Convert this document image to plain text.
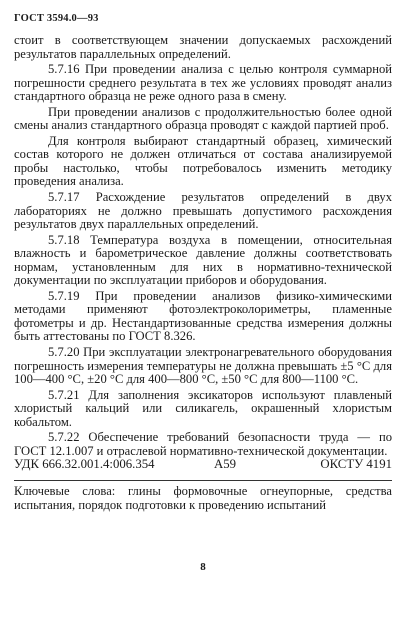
ГОСТ 3594.0—93

стоит в соответствующем значении допускаемых расхождений результатов параллельных определений.

5.7.16 При проведении анализа с целью контроля суммарной погрешности среднего результата в тех же условиях проводят анализ стандартного образца не реже одного раза в смену.

При проведении анализов с продолжительностью более одной смены анализ стандартного образца проводят с каждой партией проб.

Для контроля выбирают стандартный образец, химический состав которого не должен отличаться от состава анализируемой пробы настолько, чтобы потребовалось изменить методику проведения анализа.

5.7.17 Расхождение результатов определений в двух лабораториях не должно превышать допустимого расхождения результатов двух параллельных определений.

5.7.18 Температура воздуха в помещении, относительная влажность и барометрическое давление должны соответствовать нормам, установленным для них в нормативно-технической документации по эксплуатации приборов и оборудования.

5.7.19 При проведении анализов физико-химическими методами применяют фотоэлектроколориметры, пламенные фотометры и др. Нестандартизованные средства измерения должны быть аттестованы по ГОСТ 8.326.

5.7.20 При эксплуатации электронагревательного оборудования погрешность измерения температуры не должна превышать ±5 °С для 100—400 °С, ±20 °С для 400—800 °С, ±50 °С для 800—1100 °С.

5.7.21 Для заполнения эксикаторов используют плавленый хлористый кальций или силикагель, окрашенный хлористым кобальтом.

5.7.22 Обеспечение требований безопасности труда — по ГОСТ 12.1.007 и отраслевой нормативно-технической документации.

УДК 666.32.001.4:006.354	А59	ОКСТУ 4191
Ключевые слова: глины формовочные огнеупорные, средства испытания, порядок подготовки к проведению испытаний
8
